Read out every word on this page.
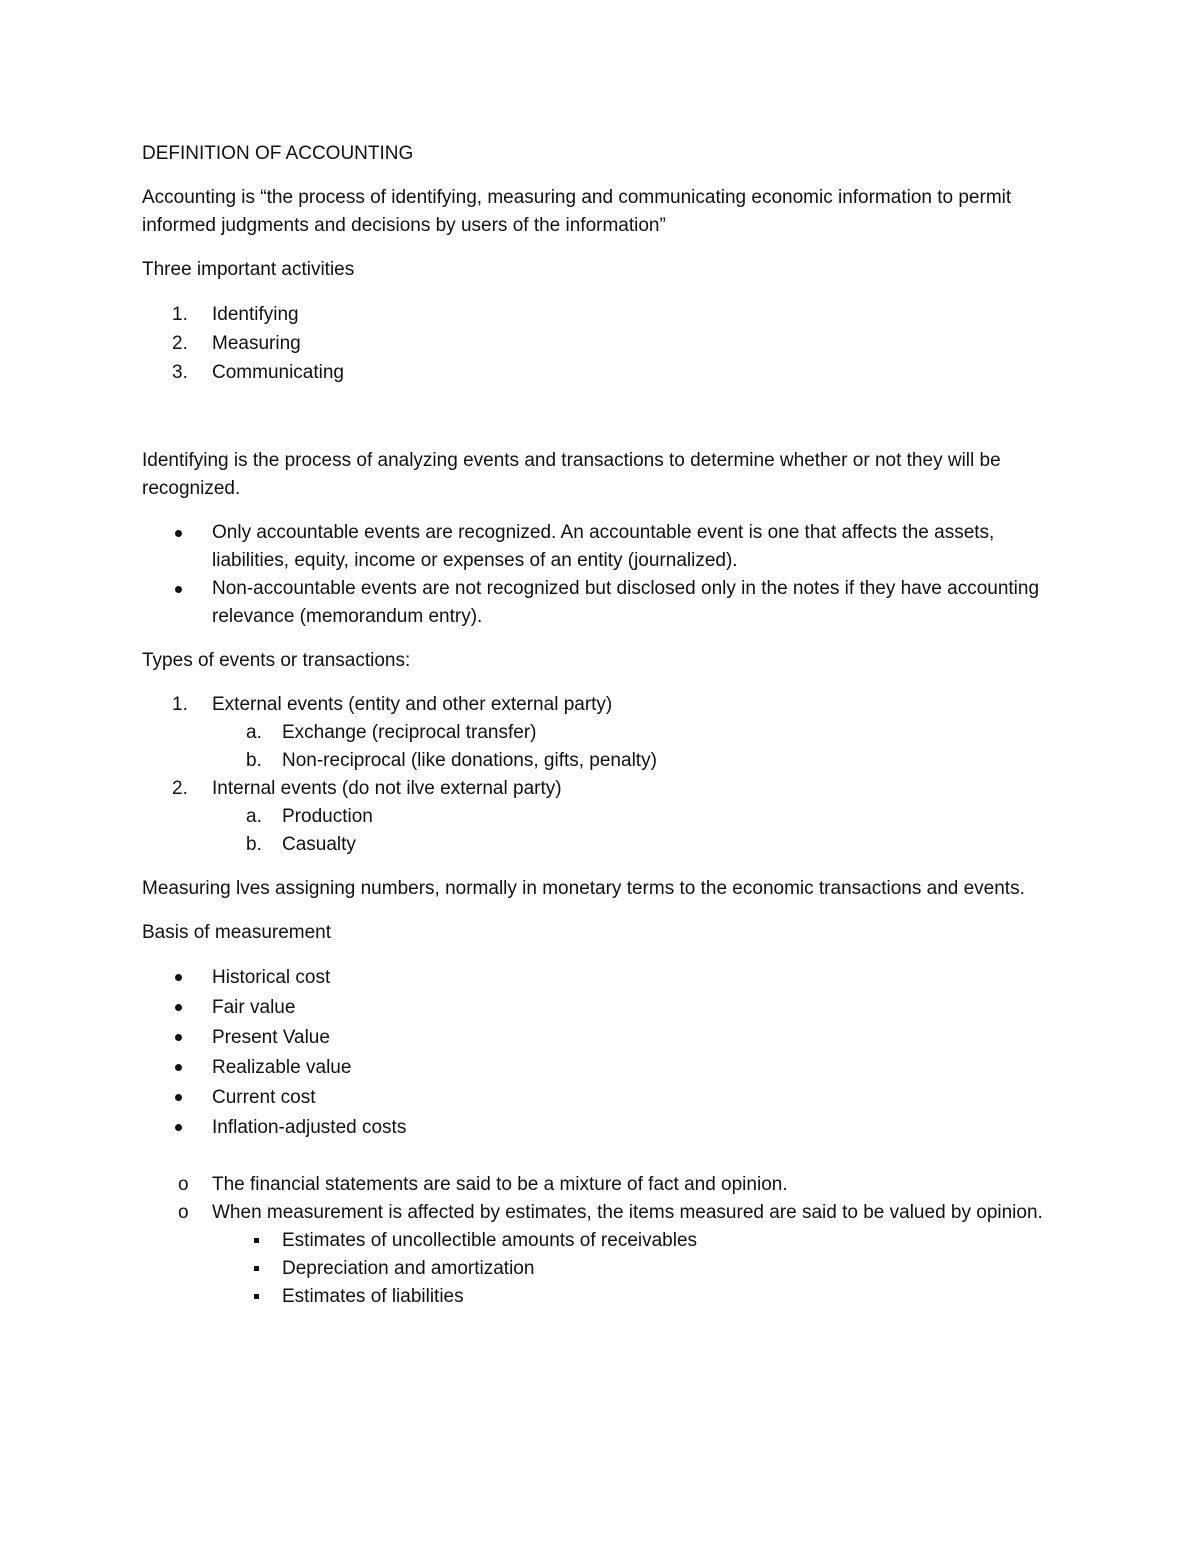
DEFINITION OF ACCOUNTING

Accounting is “the process of identifying, measuring and communicating economic information to permit informed judgments and decisions by users of the information”

Three important activities

1.	Identifying
2.	Measuring
3.	Communicating

Identifying is the process of analyzing events and transactions to determine whether or not they will be recognized.

Only accountable events are recognized. An accountable event is one that affects the assets, liabilities, equity, income or expenses of an entity (journalized).
Non-accountable events are not recognized but disclosed only in the notes if they have accounting relevance (memorandum entry).

Types of events or transactions:

1.	External events (entity and other external party)
a. Exchange (reciprocal transfer)
b. Non-reciprocal (like donations, gifts, penalty)
2.	Internal events (do not ilve external party)
a. Production
b. Casualty

Measuring lves assigning numbers, normally in monetary terms to the economic transactions and events.

Basis of measurement

Historical cost
Fair value
Present Value
Realizable value
Current cost
Inflation-adjusted costs
o The financial statements are said to be a mixture of fact and opinion.
o When measurement is affected by estimates, the items measured are said to be valued by opinion.
Estimates of uncollectible amounts of receivables
Depreciation and amortization
Estimates of liabilities
